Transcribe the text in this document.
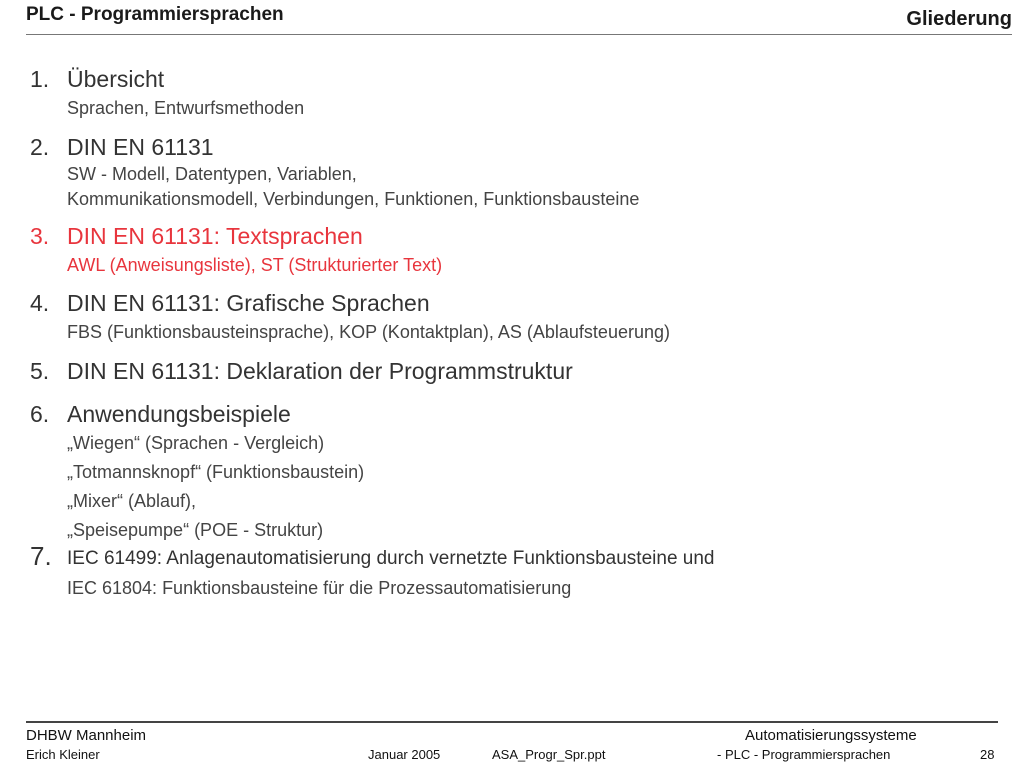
PLC - Programmiersprachen	Gliederung
1. Übersicht
Sprachen, Entwurfsmethoden
2. DIN EN 61131
SW - Modell, Datentypen, Variablen,
Kommunikationsmodell, Verbindungen, Funktionen, Funktionsbausteine
3. DIN EN 61131: Textsprachen
AWL (Anweisungsliste), ST (Strukturierter Text)
4. DIN EN 61131: Grafische Sprachen
FBS (Funktionsbausteinsprache), KOP (Kontaktplan), AS (Ablaufsteuerung)
5. DIN EN 61131: Deklaration der Programmstruktur
6. Anwendungsbeispiele
„Wiegen“ (Sprachen - Vergleich)
„Totmannsknopf“ (Funktionsbaustein)
„Mixer“ (Ablauf),
„Speisepumpe“ (POE - Struktur)
7. IEC 61499: Anlagenautomatisierung durch vernetzte Funktionsbausteine und
IEC 61804: Funktionsbausteine für die Prozessautomatisierung
DHBW Mannheim	Automatisierungssysteme
Erich Kleiner	Januar 2005	ASA_Progr_Spr.ppt	- PLC - Programmiersprachen	28
